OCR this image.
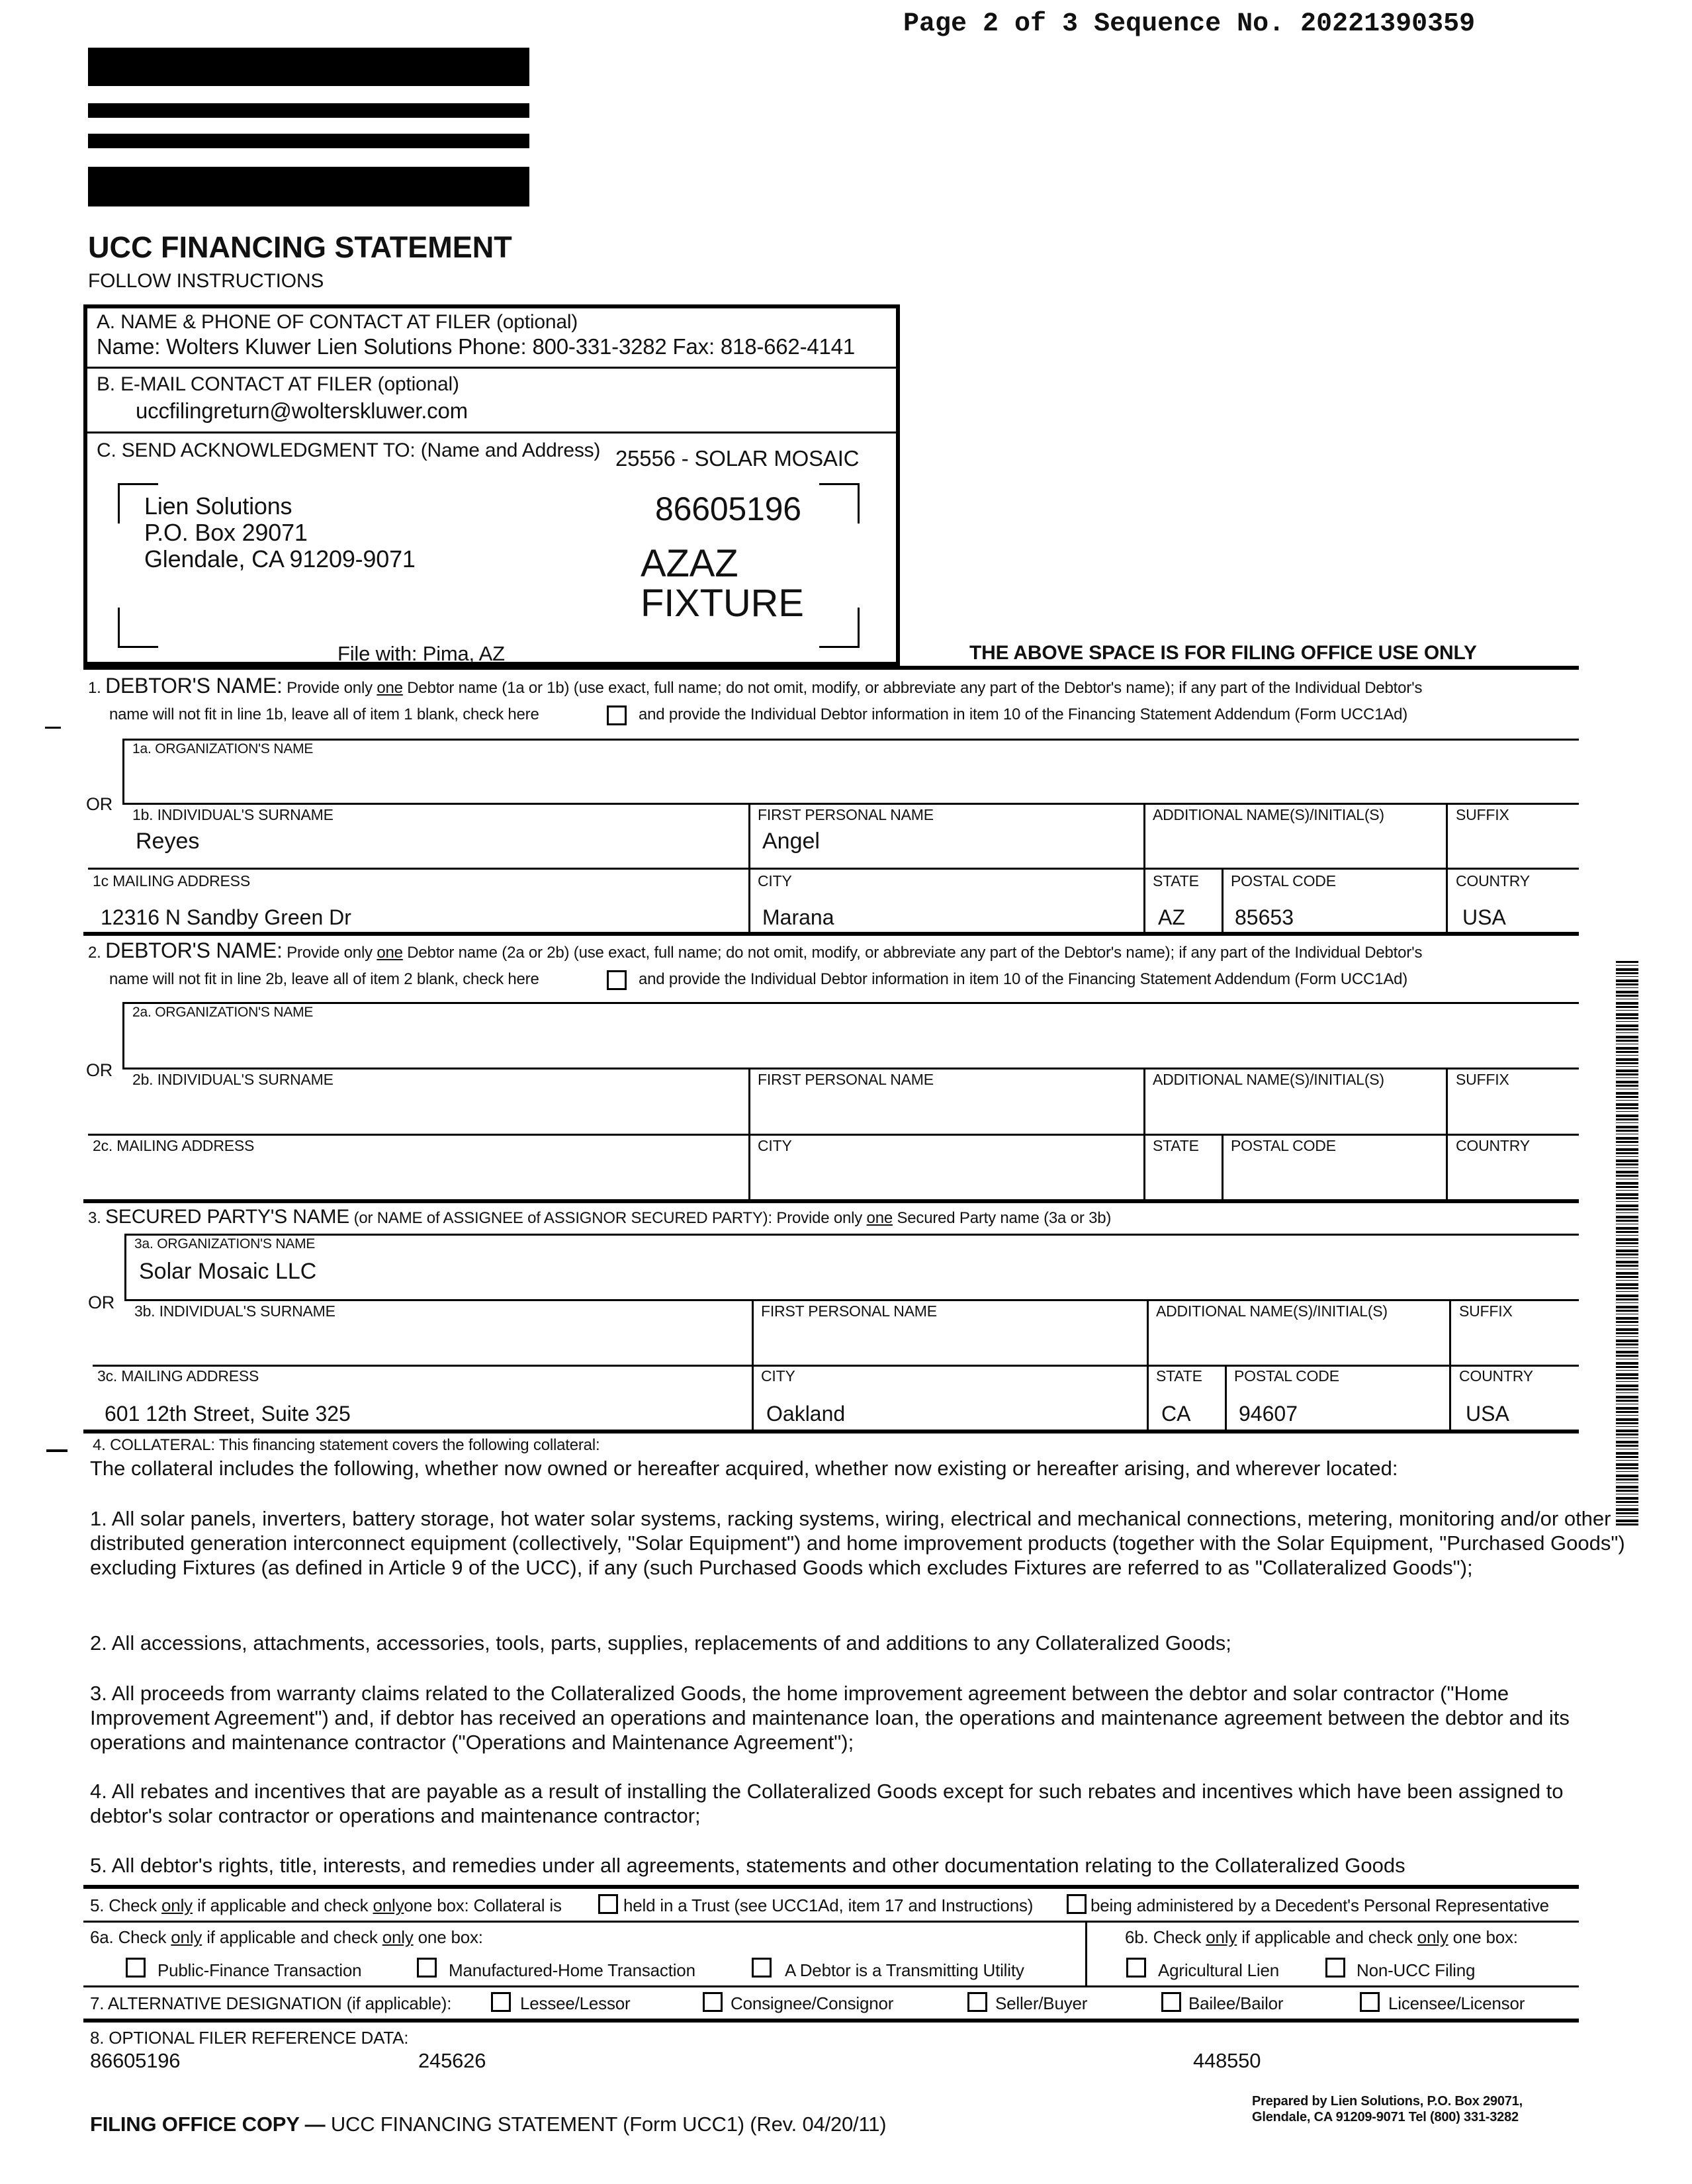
Page 2 of 3 Sequence No. 20221390359
UCC FINANCING STATEMENT
FOLLOW INSTRUCTIONS
A. NAME & PHONE OF CONTACT AT FILER (optional)
Name: Wolters Kluwer Lien Solutions Phone: 800-331-3282 Fax: 818-662-4141
B. E-MAIL CONTACT AT FILER (optional)
uccfilingreturn@wolterskluwer.com
C. SEND ACKNOWLEDGMENT TO: (Name and Address) 25556 - SOLAR MOSAIC
Lien Solutions
P.O. Box 29071
Glendale, CA 91209-9071
86605196
AZAZ
FIXTURE
File with: Pima, AZ	THE ABOVE SPACE IS FOR FILING OFFICE USE ONLY
1. DEBTOR'S NAME: Provide only one Debtor name (1a or 1b) (use exact, full name; do not omit, modify, or abbreviate any part of the Debtor's name); if any part of the Individual Debtor's
name will not fit in line 1b, leave all of item 1 blank, check here	and provide the Individual Debtor information in item 10 of the Financing Statement Addendum (Form UCC1Ad)
1a. ORGANIZATION'S NAME
OR
1b. INDIVIDUAL'S SURNAME
Reyes
FIRST PERSONAL NAME
Angel
ADDITIONAL NAME(S)/INITIAL(S)	SUFFIX
1c MAILING ADDRESS
12316 N Sandby Green Dr
CITY
Marana
STATE
AZ
POSTAL CODE
85653
COUNTRY
USA
2. DEBTOR'S NAME: Provide only one Debtor name (2a or 2b) (use exact, full name; do not omit, modify, or abbreviate any part of the Debtor's name); if any part of the Individual Debtor's
name will not fit in line 2b, leave all of item 2 blank, check here	and provide the Individual Debtor information in item 10 of the Financing Statement Addendum (Form UCC1Ad)
2a. ORGANIZATION'S NAME
OR 2b. INDIVIDUAL'S SURNAME	FIRST PERSONAL NAME	ADDITIONAL NAME(S)/INITIAL(S)	SUFFIX
2c. MAILING ADDRESS	CITY	STATE POSTAL CODE	COUNTRY
3. SECURED PARTY'S NAME (or NAME of ASSIGNEE of ASSIGNOR SECURED PARTY): Provide only one Secured Party name (3a or 3b)
3a. ORGANIZATION'S NAME
Solar Mosaic LLC
OR 3b. INDIVIDUAL'S SURNAME	FIRST PERSONAL NAME	ADDITIONAL NAME(S)/INITIAL(S)	SUFFIX
3c. MAILING ADDRESS
601 12th Street, Suite 325
CITY
Oakland
STATE
CA
POSTAL CODE
94607
COUNTRY
USA
4. COLLATERAL: This financing statement covers the following collateral:
The collateral includes the following, whether now owned or hereafter acquired, whether now existing or hereafter arising, and wherever located:
1. All solar panels, inverters, battery storage, hot water solar systems, racking systems, wiring, electrical and mechanical connections, metering, monitoring and/or other distributed generation interconnect equipment (collectively, "Solar Equipment") and home improvement products (together with the Solar Equipment, "Purchased Goods") excluding Fixtures (as defined in Article 9 of the UCC), if any (such Purchased Goods which excludes Fixtures are referred to as "Collateralized Goods");
2. All accessions, attachments, accessories, tools, parts, supplies, replacements of and additions to any Collateralized Goods;
3. All proceeds from warranty claims related to the Collateralized Goods, the home improvement agreement between the debtor and solar contractor ("Home Improvement Agreement") and, if debtor has received an operations and maintenance loan, the operations and maintenance agreement between the debtor and its operations and maintenance contractor ("Operations and Maintenance Agreement");
4. All rebates and incentives that are payable as a result of installing the Collateralized Goods except for such rebates and incentives which have been assigned to debtor's solar contractor or operations and maintenance contractor;
5. All debtor's rights, title, interests, and remedies under all agreements, statements and other documentation relating to the Collateralized Goods
5. Check only if applicable and check onlyone box: Collateral is	held in a Trust (see UCC1Ad, item 17 and Instructions)	being administered by a Decedent's Personal Representative
6a. Check only if applicable and check only one box:
Public-Finance Transaction	Manufactured-Home Transaction	A Debtor is a Transmitting Utility
6b. Check only if applicable and check only one box:
Agricultural Lien	Non-UCC Filing
7. ALTERNATIVE DESIGNATION (if applicable):	Lessee/Lessor	Consignee/Consignor	Seller/Buyer	Bailee/Bailor	Licensee/Licensor
8. OPTIONAL FILER REFERENCE DATA:
86605196	245626	448550
FILING OFFICE COPY — UCC FINANCING STATEMENT (Form UCC1) (Rev. 04/20/11)
Prepared by Lien Solutions, P.O. Box 29071,
Glendale, CA 91209-9071 Tel (800) 331-3282
